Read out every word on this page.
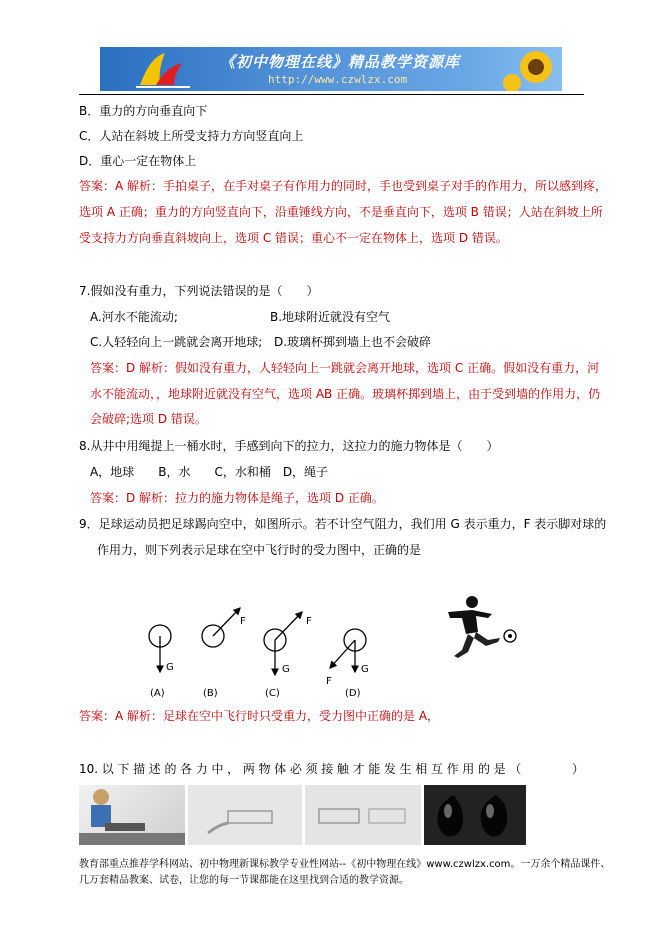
《初中物理在线》精品教学资源库
http://www.czwlzx.com
B．重力的方向垂直向下
C．人站在斜坡上所受支持力方向竖直向上
D．重心一定在物体上
答案：A 解析：手拍桌子，在手对桌子有作用力的同时，手也受到桌子对手的作用力，所以感到疼，
选项 A 正确；重力的方向竖直向下，沿重锤线方向，不是垂直向下，选项 B 错误；人站在斜坡上所
受支持力方向垂直斜坡向上，选项 C 错误；重心不一定在物体上，选项 D 错误。
7.假如没有重力，下列说法错误的是（　　）
A.河水不能流动;	B.地球附近就没有空气
C.人轻轻向上一跳就会离开地球; D.玻璃杯掷到墙上也不会破碎
答案：D 解析：假如没有重力，人轻轻向上一跳就会离开地球，选项 C 正确。假如没有重力，河
水不能流动，，地球附近就没有空气，选项 AB 正确。玻璃杯掷到墙上，由于受到墙的作用力，仍
会破碎;选项 D 错误。
8.从井中用绳提上一桶水时，手感到向下的拉力，这拉力的施力物体是（　　）
A，地球　　B，水　　C，水和桶　D，绳子
答案：D 解析：拉力的施力物体是绳子，选项 D 正确。
9．足球运动员把足球踢向空中，如图所示。若不计空气阻力，我们用 G 表示重力，F 表示脚对球的
作用力，则下列表示足球在空中飞行时的受力图中，正确的是
G
(A)
F
(B)
F
G
(C)
F
G
(D)
答案：A 解析：足球在空中飞行时只受重力，受力图中正确的是 A，
10.以下描述的各力中，两物体必须接触才能发生相互作用的是（　　　）
教育部重点推荐学科网站、初中物理新课标教学专业性网站--《初中物理在线》www.czwlzx.com。一万余个精品课件、
几万套精品教案、试卷，让您的每一节课都能在这里找到合适的教学资源。
